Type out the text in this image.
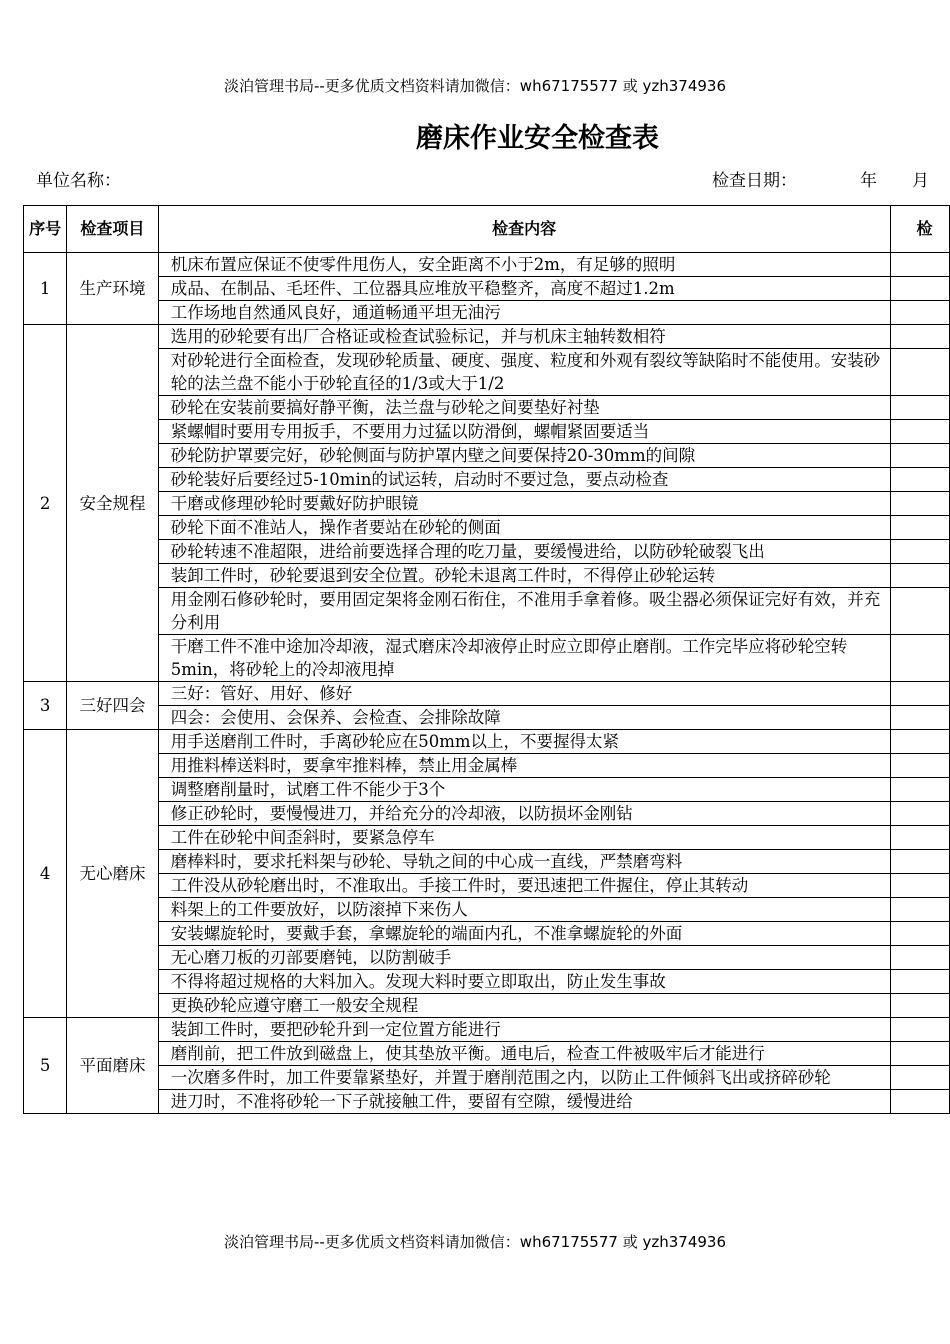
淡泊管理书局--更多优质文档资料请加微信：wh67175577 或 yzh374936
磨床作业安全检查表
单位名称：	检查日期：	年 月
序号	检查项目	检查内容	检
1	生产环境	机床布置应保证不使零件甩伤人，安全距离不小于2m，有足够的照明	
		成品、在制品、毛坯件、工位器具应堆放平稳整齐，高度不超过1.2m	
		工作场地自然通风良好，通道畅通平坦无油污	
2	安全规程	选用的砂轮要有出厂合格证或检查试验标记，并与机床主轴转数相符	
		对砂轮进行全面检查，发现砂轮质量、硬度、强度、粒度和外观有裂纹等缺陷时不能使用。安装砂轮的法兰盘不能小于砂轮直径的1/3或大于1/2	
		砂轮在安装前要搞好静平衡，法兰盘与砂轮之间要垫好衬垫	
		紧螺帽时要用专用扳手，不要用力过猛以防滑倒，螺帽紧固要适当	
		砂轮防护罩要完好，砂轮侧面与防护罩内壁之间要保持20-30mm的间隙	
		砂轮装好后要经过5-10min的试运转，启动时不要过急，要点动检查	
		干磨或修理砂轮时要戴好防护眼镜	
		砂轮下面不准站人，操作者要站在砂轮的侧面	
		砂轮转速不准超限，进给前要选择合理的吃刀量，要缓慢进给，以防砂轮破裂飞出	
		装卸工件时，砂轮要退到安全位置。砂轮未退离工件时，不得停止砂轮运转	
		用金刚石修砂轮时，要用固定架将金刚石衔住，不准用手拿着修。吸尘器必须保证完好有效，并充分利用	
		干磨工件不准中途加冷却液，湿式磨床冷却液停止时应立即停止磨削。工作完毕应将砂轮空转5min，将砂轮上的冷却液甩掉	
3	三好四会	三好：管好、用好、修好	
		四会：会使用、会保养、会检查、会排除故障	
4	无心磨床	用手送磨削工件时，手离砂轮应在50mm以上，不要握得太紧	
		用推料棒送料时，要拿牢推料棒，禁止用金属棒	
		调整磨削量时，试磨工件不能少于3个	
		修正砂轮时，要慢慢进刀，并给充分的冷却液，以防损坏金刚钻	
		工件在砂轮中间歪斜时，要紧急停车	
		磨棒料时，要求托料架与砂轮、导轨之间的中心成一直线，严禁磨弯料	
		工件没从砂轮磨出时，不准取出。手接工件时，要迅速把工件握住，停止其转动	
		料架上的工件要放好，以防滚掉下来伤人	
		安装螺旋轮时，要戴手套，拿螺旋轮的端面内孔，不准拿螺旋轮的外面	
		无心磨刀板的刃部要磨钝，以防割破手	
		不得将超过规格的大料加入。发现大料时要立即取出，防止发生事故	
		更换砂轮应遵守磨工一般安全规程	
5	平面磨床	装卸工件时，要把砂轮升到一定位置方能进行	
		磨削前，把工件放到磁盘上，使其垫放平衡。通电后，检查工件被吸牢后才能进行	
		一次磨多件时，加工件要靠紧垫好，并置于磨削范围之内，以防止工件倾斜飞出或挤碎砂轮	
		进刀时，不准将砂轮一下子就接触工件，要留有空隙，缓慢进给	
淡泊管理书局--更多优质文档资料请加微信：wh67175577 或 yzh374936
